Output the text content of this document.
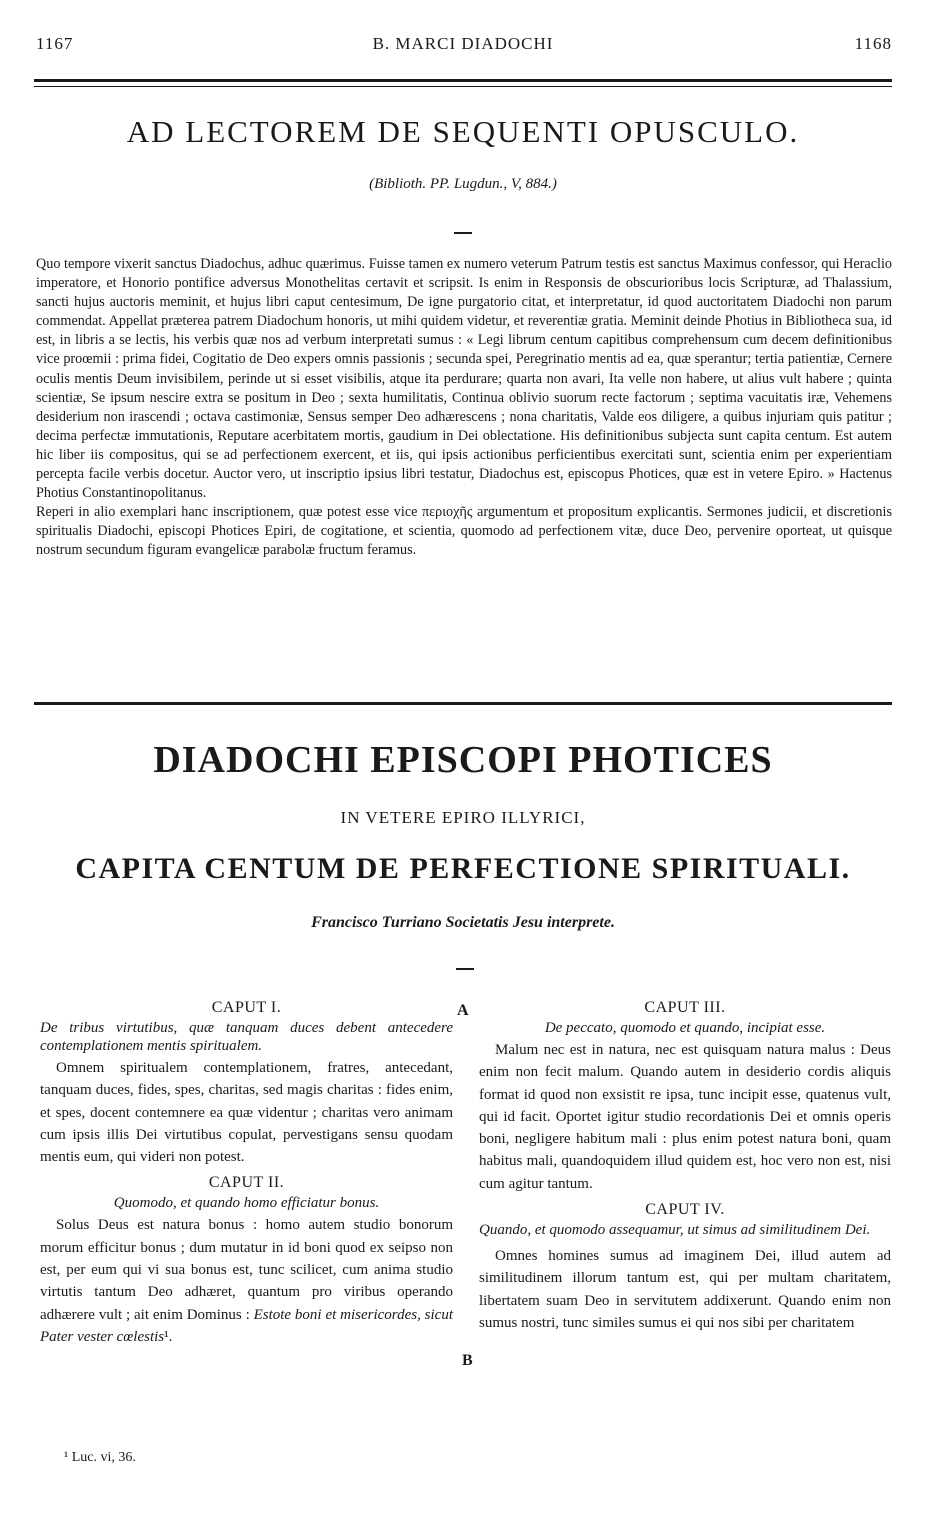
1167	B. MARCI DIADOCHI	1168
AD LECTOREM DE SEQUENTI OPUSCULO.
(Biblioth. PP. Lugdun., V, 884.)

Quo tempore vixerit sanctus Diadochus, adhuc quærimus. Fuisse tamen ex numero veterum Patrum testis est sanctus Maximus confessor, qui Heraclio imperatore, et Honorio pontifice adversus Monothelitas certavit et scripsit. Is enim in Responsis de obscurioribus locis Scripturæ, ad Thalassium, sancti hujus auctoris meminit, et hujus libri caput centesimum, De igne purgatorio citat, et interpretatur, id quod auctoritatem Diadochi non parum commendat. Appellat præterea patrem Diadochum honoris, ut mihi quidem videtur, et reverentiæ gratia. Meminit deinde Photius in Bibliotheca sua, id est, in libris a se lectis, his verbis quæ nos ad verbum interpretati sumus : « Legi librum centum capitibus comprehensum cum decem definitionibus vice proœmii : prima fidei, Cogitatio de Deo expers omnis passionis ; secunda spei, Peregrinatio mentis ad ea, quæ sperantur; tertia patientiæ, Cernere oculis mentis Deum invisibilem, perinde ut si esset visibilis, atque ita perdurare; quarta non avari, Ita velle non habere, ut alius vult habere ; quinta scientiæ, Se ipsum nescire extra se positum in Deo ; sexta humilitatis, Continua oblivio suorum recte factorum ; septima vacuitatis iræ, Vehemens desiderium non irascendi ; octava castimoniæ, Sensus semper Deo adhærescens ; nona charitatis, Valde eos diligere, a quibus injuriam quis patitur ; decima perfectæ immutationis, Reputare acerbitatem mortis, gaudium in Dei oblectatione. His definitionibus subjecta sunt capita centum. Est autem hic liber iis compositus, qui se ad perfectionem exercent, et iis, qui ipsis actionibus perficientibus exercitati sunt, scientia enim per experientiam percepta facile verbis docetur. Auctor vero, ut inscriptio ipsius libri testatur, Diadochus est, episcopus Photices, quæ est in vetere Epiro. » Hactenus Photius Constantinopolitanus.

Reperi in alio exemplari hanc inscriptionem, quæ potest esse vice περιοχῆς argumentum et propositum explicantis. Sermones judicii, et discretionis spiritualis Diadochi, episcopi Photices Epiri, de cogitatione, et scientia, quomodo ad perfectionem vitæ, duce Deo, pervenire oporteat, ut quisque nostrum secundum figuram evangelicæ parabolæ fructum feramus.

DIADOCHI EPISCOPI PHOTICES
IN VETERE EPIRO ILLYRICI,
CAPITA CENTUM DE PERFECTIONE SPIRITUALI.
Francisco Turriano Societatis Jesu interprete.
A
B
CAPUT I.

De tribus virtutibus, quæ tanquam duces debent antecedere contemplationem mentis spiritualem.

Omnem spiritualem contemplationem, fratres, antecedant, tanquam duces, fides, spes, charitas, sed magis charitas : fides enim, et spes, docent contemnere ea quæ videntur ; charitas vero animam cum ipsis illis Dei virtutibus copulat, pervestigans sensu quodam mentis eum, qui videri non potest.

CAPUT II.

Quomodo, et quando homo efficiatur bonus.

Solus Deus est natura bonus : homo autem studio bonorum morum efficitur bonus ; dum mutatur in id boni quod ex seipso non est, per eum qui vi sua bonus est, tunc scilicet, cum anima studio virtutis tantum Deo adhæret, quantum pro viribus operando adhærere vult ; ait enim Dominus : Estote boni et misericordes, sicut Pater vester cœlestis¹.

¹ Luc. vi, 36.
CAPUT III.

De peccato, quomodo et quando, incipiat esse.

Malum nec est in natura, nec est quisquam natura malus : Deus enim non fecit malum. Quando autem in desiderio cordis aliquis format id quod non exsistit re ipsa, tunc incipit esse, quatenus vult, qui id facit. Oportet igitur studio recordationis Dei et omnis operis boni, negligere habitum mali : plus enim potest natura boni, quam habitus mali, quandoquidem illud quidem est, hoc vero non est, nisi cum agitur tantum.

CAPUT IV.

Quando, et quomodo assequamur, ut simus ad similitudinem Dei.

Omnes homines sumus ad imaginem Dei, illud autem ad similitudinem illorum tantum est, qui per multam charitatem, libertatem suam Deo in servitutem addixerunt. Quando enim non sumus nostri, tunc similes sumus ei qui nos sibi per charitatem
